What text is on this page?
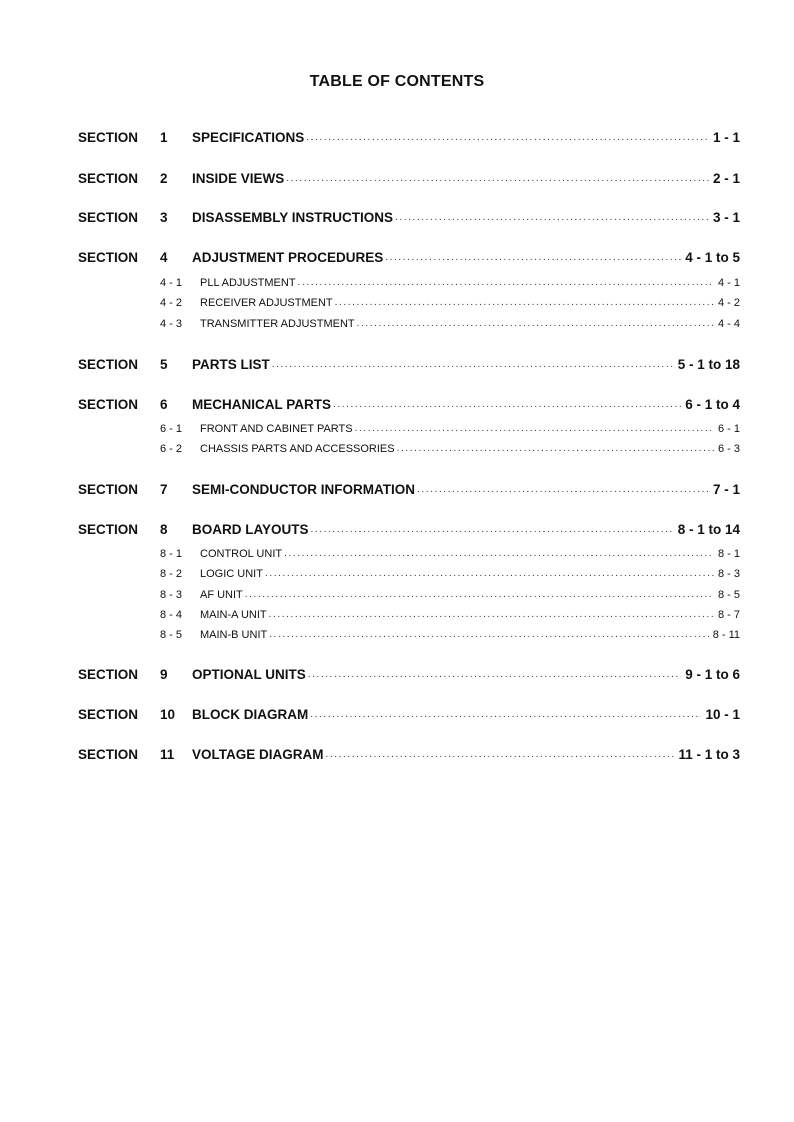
TABLE OF CONTENTS
SECTION 1 SPECIFICATIONS .....	1 - 1
SECTION 2 INSIDE VIEWS .....	2 - 1
SECTION 3 DISASSEMBLY INSTRUCTIONS .....	3 - 1
SECTION 4 ADJUSTMENT PROCEDURES .....	4 - 1 to 5
4 - 1 PLL ADJUSTMENT .....	4 - 1
4 - 2 RECEIVER ADJUSTMENT .....	4 - 2
4 - 3 TRANSMITTER ADJUSTMENT .....	4 - 4
SECTION 5 PARTS LIST .....	5 - 1 to 18
SECTION 6 MECHANICAL PARTS .....	6 - 1 to 4
6 - 1 FRONT AND CABINET PARTS .....	6 - 1
6 - 2 CHASSIS PARTS AND ACCESSORIES .....	6 - 3
SECTION 7 SEMI-CONDUCTOR INFORMATION .....	7 - 1
SECTION 8 BOARD LAYOUTS .....	8 - 1 to 14
8 - 1 CONTROL UNIT .....	8 - 1
8 - 2 LOGIC UNIT .....	8 - 3
8 - 3 AF UNIT .....	8 - 5
8 - 4 MAIN-A UNIT .....	8 - 7
8 - 5 MAIN-B UNIT .....	8 - 11
SECTION 9 OPTIONAL UNITS .....	9 - 1 to 6
SECTION 10 BLOCK DIAGRAM .....	10 - 1
SECTION 11 VOLTAGE DIAGRAM .....	11 - 1 to 3
